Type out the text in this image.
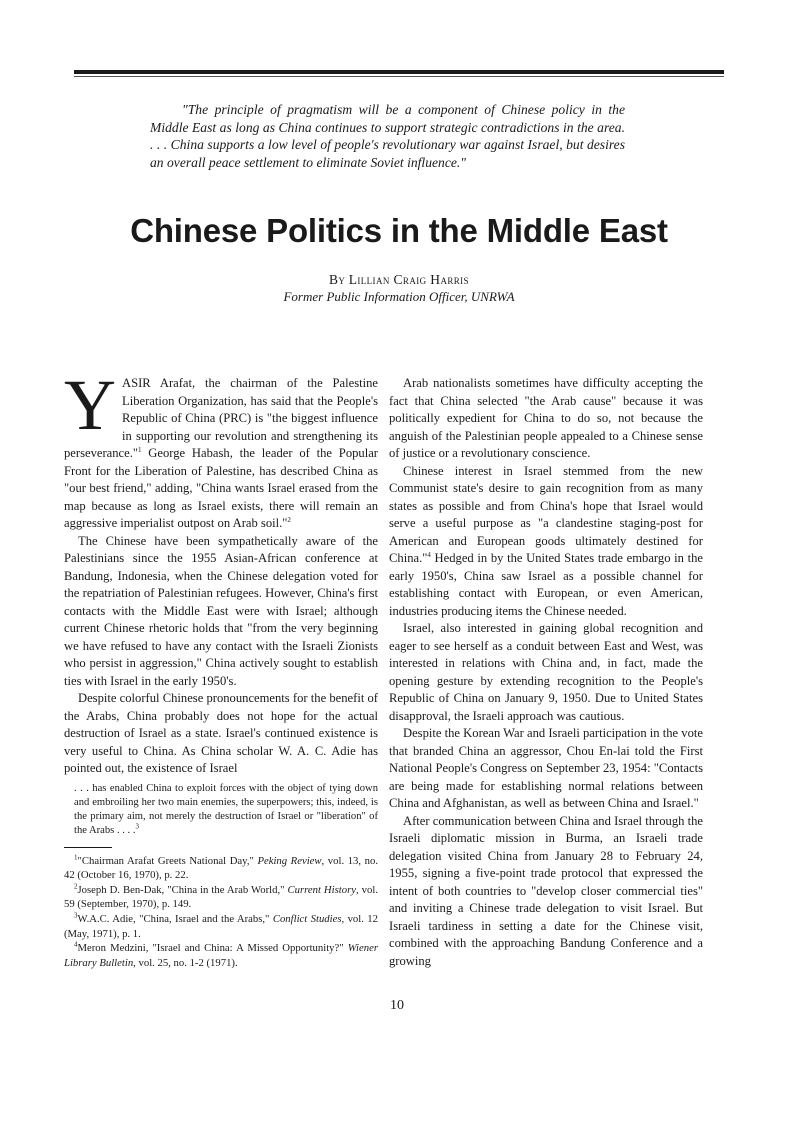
"The principle of pragmatism will be a component of Chinese policy in the Middle East as long as China continues to support strategic contradictions in the area. . . . China supports a low level of people's revolutionary war against Israel, but desires an overall peace settlement to eliminate Soviet influence."

Chinese Politics in the Middle East

By Lillian Craig Harris

Former Public Information Officer, UNRWA

YASIR Arafat, the chairman of the Palestine Liberation Organization, has said that the People's Republic of China (PRC) is "the biggest influence in supporting our revolution and strengthening its perseverance."$^1$ George Habash, the leader of the Popular Front for the Liberation of Palestine, has described China as "our best friend," adding, "China wants Israel erased from the map because as long as Israel exists, there will remain an aggressive imperialist outpost on Arab soil."$^2$

The Chinese have been sympathetically aware of the Palestinians since the 1955 Asian-African conference at Bandung, Indonesia, when the Chinese delegation voted for the repatriation of Palestinian refugees. However, China's first contacts with the Middle East were with Israel; although current Chinese rhetoric holds that "from the very beginning we have refused to have any contact with the Israeli Zionists who persist in aggression," China actively sought to establish ties with Israel in the early 1950's.

Despite colorful Chinese pronouncements for the benefit of the Arabs, China probably does not hope for the actual destruction of Israel as a state. Israel's continued existence is very useful to China. As China scholar W. A. C. Adie has pointed out, the existence of Israel

. . . has enabled China to exploit forces with the object of tying down and embroiling her two main enemies, the superpowers; this, indeed, is the primary aim, not merely the destruction of Israel or "liberation" of the Arabs . . . .$^3$

$^1$"Chairman Arafat Greets National Day," Peking Review, vol. 13, no. 42 (October 16, 1970), p. 22.

$^2$Joseph D. Ben-Dak, "China in the Arab World," Current History, vol. 59 (September, 1970), p. 149.

$^3$W.A.C. Adie, "China, Israel and the Arabs," Conflict Studies, vol. 12 (May, 1971), p. 1.

$^4$Meron Medzini, "Israel and China: A Missed Opportunity?" Wiener Library Bulletin, vol. 25, no. 1-2 (1971).

Arab nationalists sometimes have difficulty accepting the fact that China selected "the Arab cause" because it was politically expedient for China to do so, not because the anguish of the Palestinian people appealed to a Chinese sense of justice or a revolutionary conscience.

Chinese interest in Israel stemmed from the new Communist state's desire to gain recognition from as many states as possible and from China's hope that Israel would serve a useful purpose as "a clandestine staging-post for American and European goods ultimately destined for China."$^4$ Hedged in by the United States trade embargo in the early 1950's, China saw Israel as a possible channel for establishing contact with European, or even American, industries producing items the Chinese needed.

Israel, also interested in gaining global recognition and eager to see herself as a conduit between East and West, was interested in relations with China and, in fact, made the opening gesture by extending recognition to the People's Republic of China on January 9, 1950. Due to United States disapproval, the Israeli approach was cautious.

Despite the Korean War and Israeli participation in the vote that branded China an aggressor, Chou En-lai told the First National People's Congress on September 23, 1954: "Contacts are being made for establishing normal relations between China and Afghanistan, as well as between China and Israel."

After communication between China and Israel through the Israeli diplomatic mission in Burma, an Israeli trade delegation visited China from January 28 to February 24, 1955, signing a five-point trade protocol that expressed the intent of both countries to "develop closer commercial ties" and inviting a Chinese trade delegation to visit Israel. But Israeli tardiness in setting a date for the Chinese visit, combined with the approaching Bandung Conference and a growing

10
